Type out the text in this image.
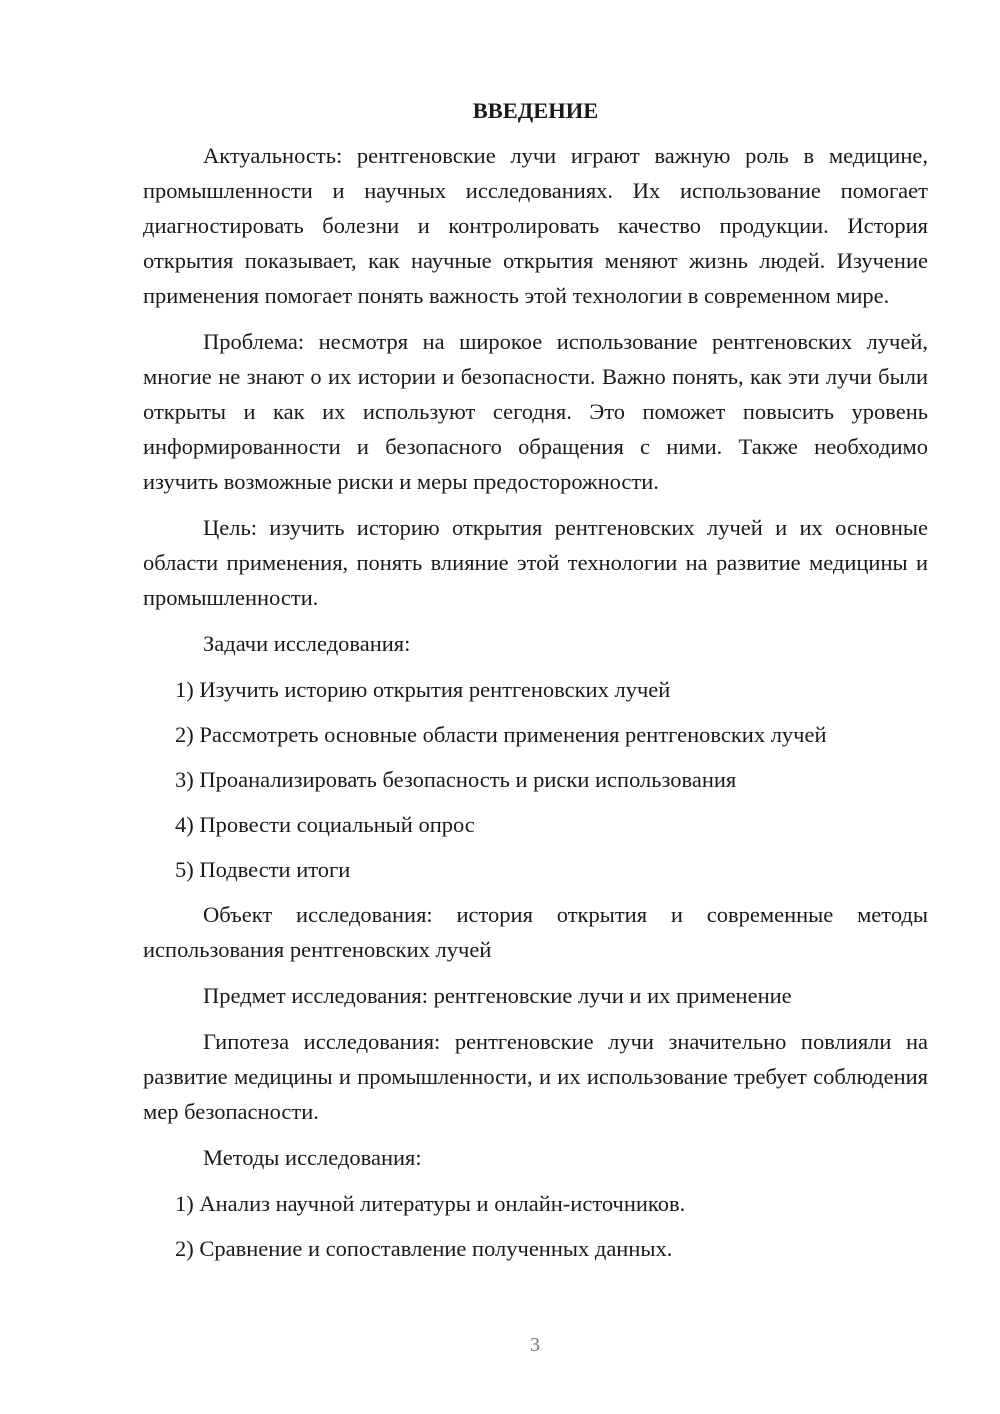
ВВЕДЕНИЕ

Актуальность: рентгеновские лучи играют важную роль в медицине, промышленности и научных исследованиях. Их использование помогает диагностировать болезни и контролировать качество продукции. История открытия показывает, как научные открытия меняют жизнь людей. Изучение применения помогает понять важность этой технологии в современном мире.

Проблема: несмотря на широкое использование рентгеновских лучей, многие не знают о их истории и безопасности. Важно понять, как эти лучи были открыты и как их используют сегодня. Это поможет повысить уровень информированности и безопасного обращения с ними. Также необходимо изучить возможные риски и меры предосторожности.

Цель: изучить историю открытия рентгеновских лучей и их основные области применения, понять влияние этой технологии на развитие медицины и промышленности.

Задачи исследования:

1) Изучить историю открытия рентгеновских лучей
2) Рассмотреть основные области применения рентгеновских лучей
3) Проанализировать безопасность и риски использования
4) Провести социальный опрос
5) Подвести итоги

Объект исследования: история открытия и современные методы использования рентгеновских лучей

Предмет исследования: рентгеновские лучи и их применение

Гипотеза исследования: рентгеновские лучи значительно повлияли на развитие медицины и промышленности, и их использование требует соблюдения мер безопасности.

Методы исследования:

1) Анализ научной литературы и онлайн-источников.
2) Сравнение и сопоставление полученных данных.
3
